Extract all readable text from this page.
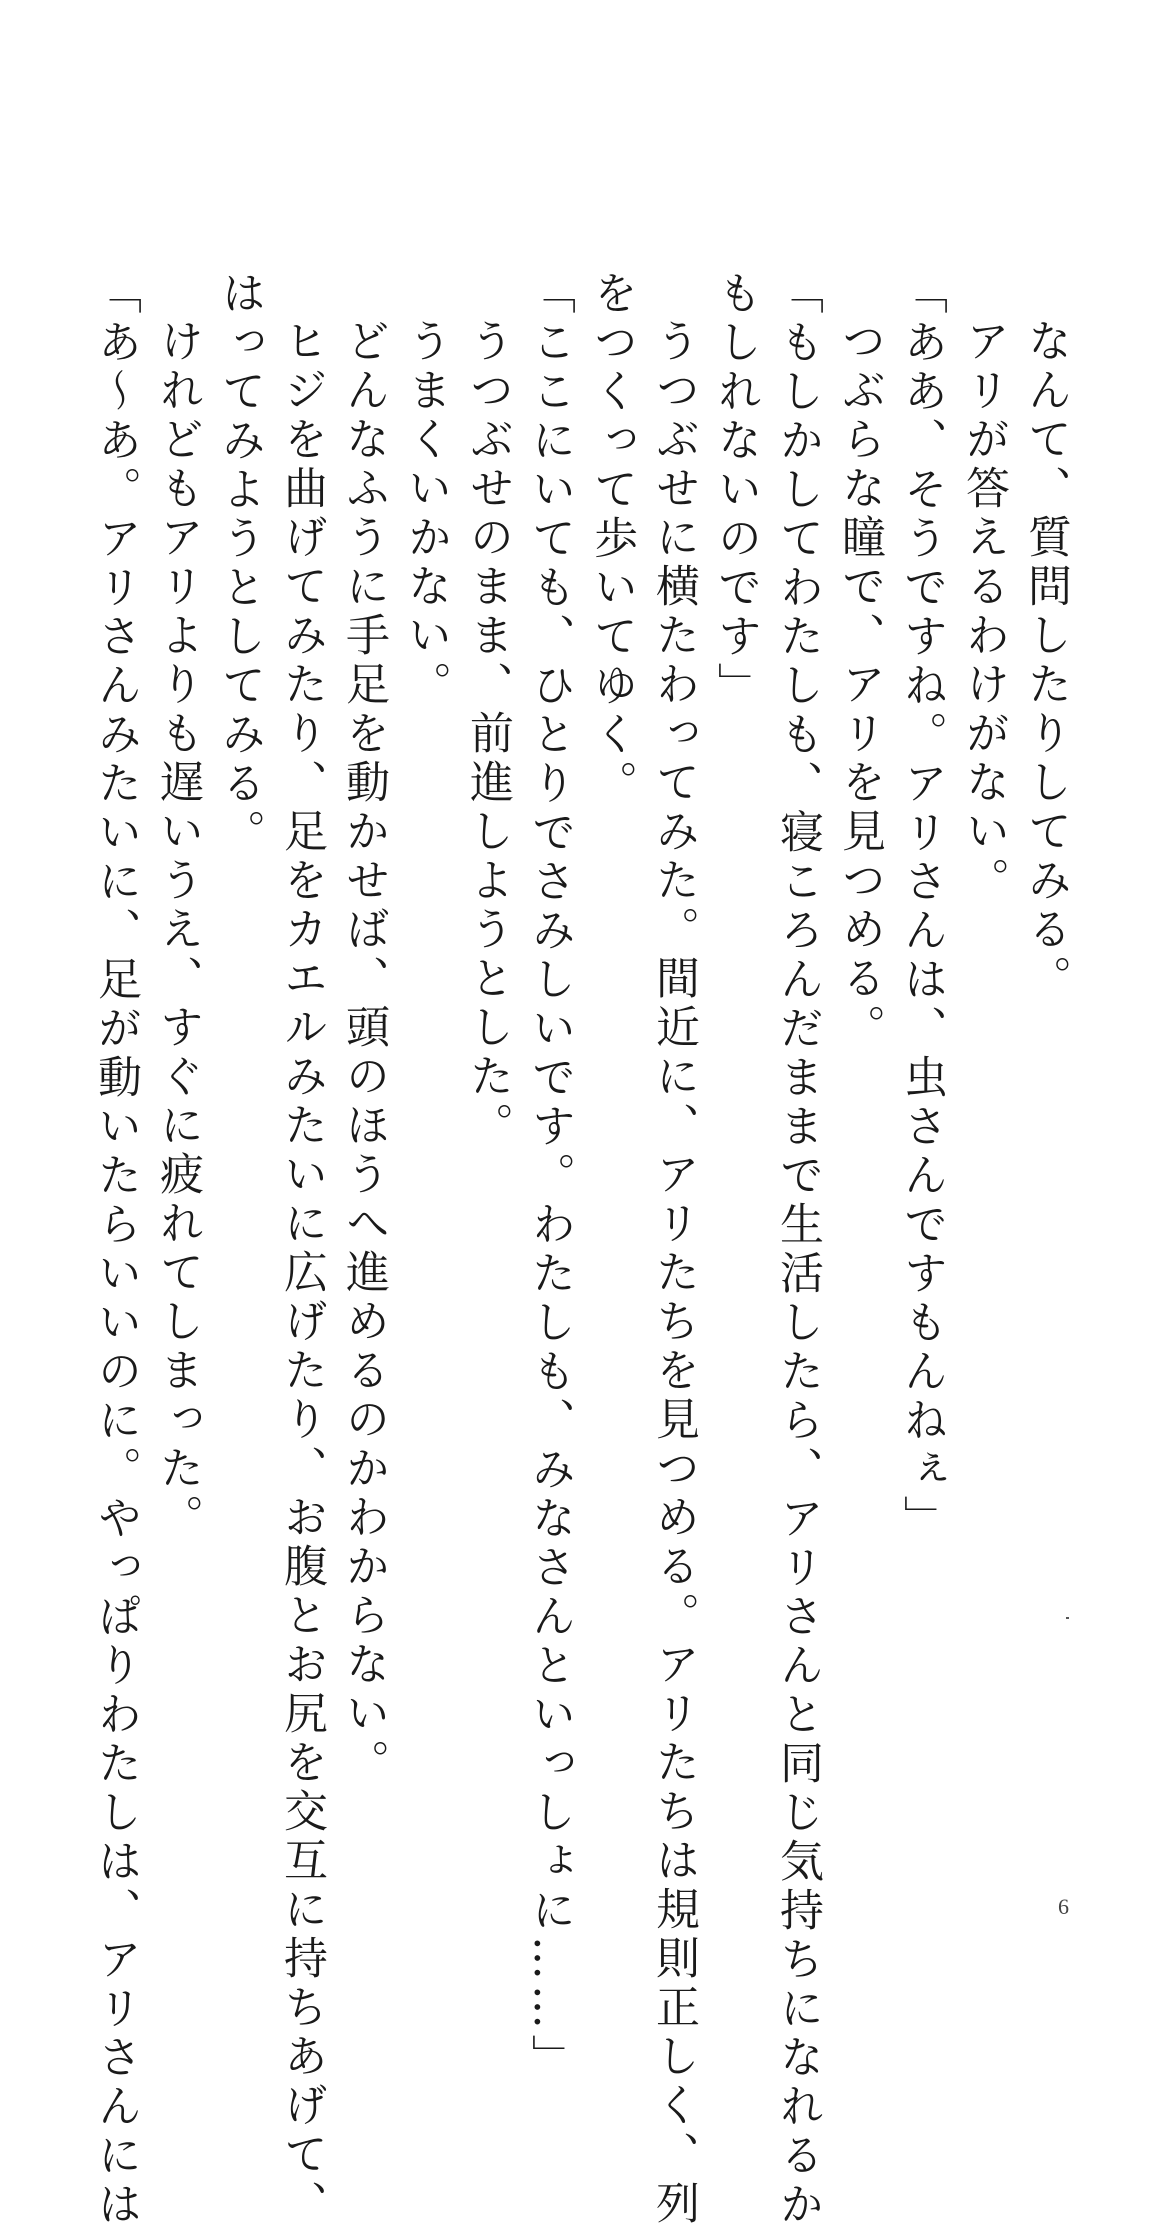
なんて、質問したりしてみる。
アリが答えるわけがない。
「ああ、そうですね。アリさんは、虫さんですもんねぇ」
つぶらな瞳で、アリを見つめる。
「もしかしてわたしも、寝ころんだままで生活したら、アリさんと同じ気持ちになれるか
もしれないのです」
うつぶせに横たわってみた。間近に、アリたちを見つめる。アリたちは規則正しく、列
をつくって歩いてゆく。
「ここにいても、ひとりでさみしいです。わたしも、みなさんといっしょに……」
うつぶせのまま、前進しようとした。
うまくいかない。
どんなふうに手足を動かせば、頭のほうへ進めるのかわからない。
ヒジを曲げてみたり、足をカエルみたいに広げたり、お腹とお尻を交互に持ちあげて、
はってみようとしてみる。
けれどもアリよりも遅いうえ、すぐに疲れてしまった。
「あ〜あ。アリさんみたいに、足が動いたらいいのに。やっぱりわたしは、アリさんには	6
